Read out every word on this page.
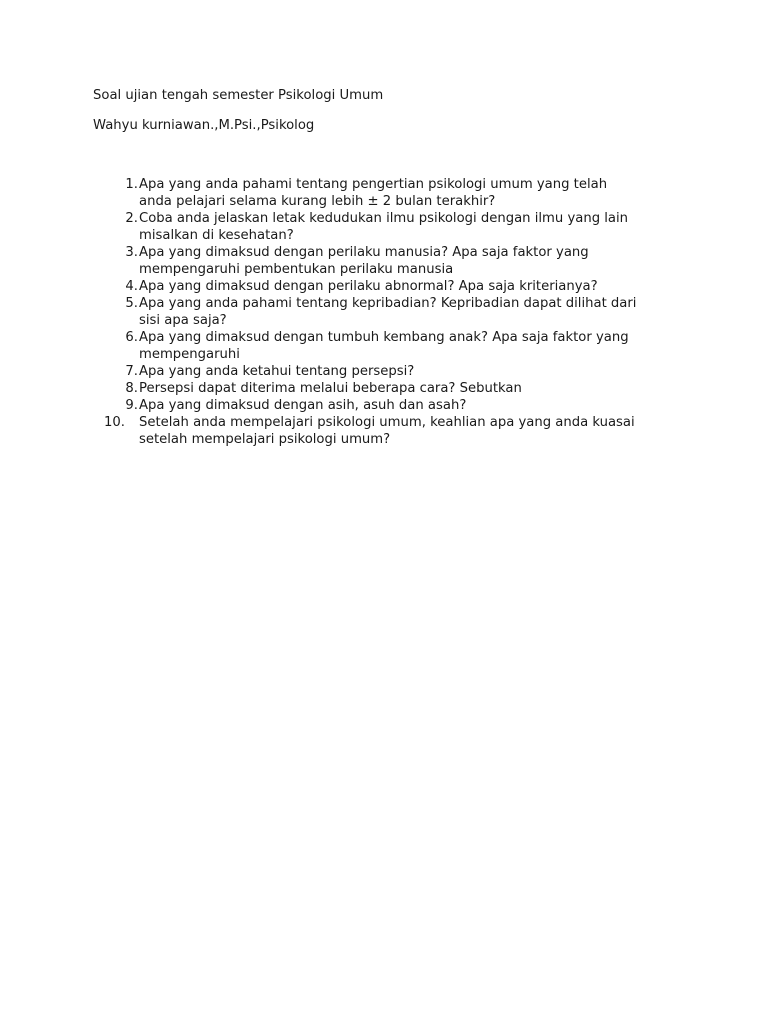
Soal ujian tengah semester Psikologi Umum
Wahyu kurniawan.,M.Psi.,Psikolog
1. Apa yang anda pahami tentang pengertian psikologi umum yang telah
anda pelajari selama kurang lebih ± 2 bulan terakhir?
2. Coba anda jelaskan letak kedudukan ilmu psikologi dengan ilmu yang lain
misalkan di kesehatan?
3. Apa yang dimaksud dengan perilaku manusia? Apa saja faktor yang
mempengaruhi pembentukan perilaku manusia
4. Apa yang dimaksud dengan perilaku abnormal? Apa saja kriterianya?
5. Apa yang anda pahami tentang kepribadian? Kepribadian dapat dilihat dari
sisi apa saja?
6. Apa yang dimaksud dengan tumbuh kembang anak? Apa saja faktor yang
mempengaruhi
7. Apa yang anda ketahui tentang persepsi?
8. Persepsi dapat diterima melalui beberapa cara? Sebutkan
9. Apa yang dimaksud dengan asih, asuh dan asah?
10.	Setelah anda mempelajari psikologi umum, keahlian apa yang anda kuasai
setelah mempelajari psikologi umum?
